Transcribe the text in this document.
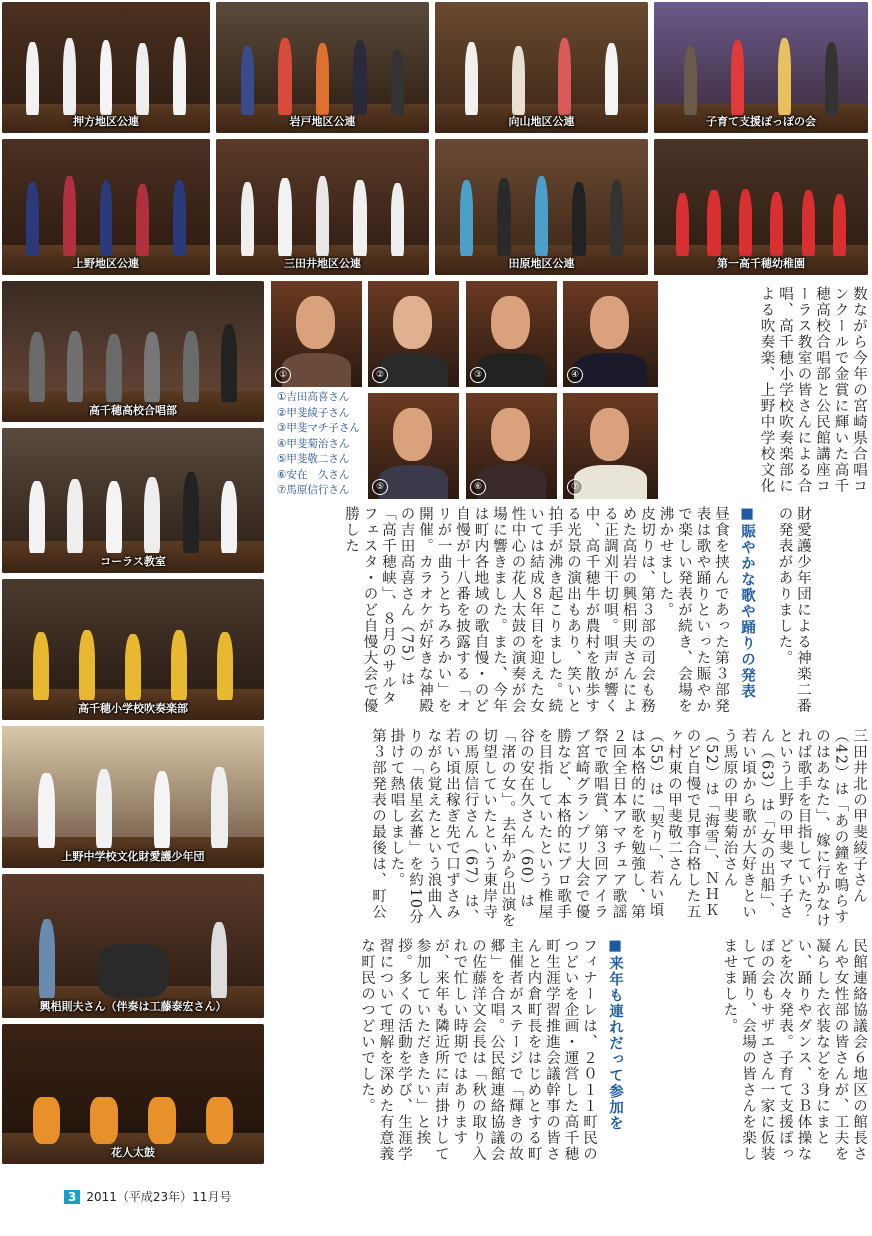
押方地区公連	岩戸地区公連	向山地区公連	子育て支援ぽっぽの会
上野地区公連	三田井地区公連	田原地区公連	第一高千穂幼稚園
高千穂高校合唱部
コーラス教室
高千穂小学校吹奏楽部
上野中学校文化財愛護少年団
興梠則夫さん（伴奏は工藤泰宏さん）
花人太鼓
①	②	③	④
⑤	⑥	⑦
①吉田高喜さん
②甲斐綾子さん
③甲斐マチ子さん
④甲斐菊治さん
⑤甲斐敬二さん
⑥安在　久さん
⑦馬原信行さん	数ながら今年の宮崎県合唱コンクールで金賞に輝いた高千穂高校合唱部と公民館講座コーラス教室の皆さんによる合唱、高千穂小学校吹奏楽部による吹奏楽、上野中学校文化
財愛護少年団による神楽二番の発表がありました。
■賑やかな歌や踊りの発表
昼食を挟んであった第３部発表は歌や踊りといった賑やかで楽しい発表が続き、会場を沸かせました。
皮切りは、第３部の司会も務めた高岩の興梠則夫さんによる正調刈干切唄。唄声が響く中、高千穂牛が農村を散歩する光景の演出もあり、笑いと拍手が沸き起こりました。続いては結成８年目を迎えた女性中心の花人太鼓の演奏が会場に響きました。また、今年は町内各地域の歌自慢・のど自慢が十八番を披露する「オリが一曲うとちみろかい」を開催。カラオケが好きな神殿の吉田高喜さん（75）は「高千穂峡」、８月のサルタフェスタ・のど自慢大会で優勝した
三田井北の甲斐綾子さん（42）は「あの鐘を鳴らすのはあなた」、嫁に行かなければ歌手を目指していた？という上野の甲斐マチ子さん（63）は「女の出船」、若い頃から歌が大好きという馬原の甲斐菊治さん（52）は「海雪」、ＮＨＫのど自慢で見事合格した五ヶ村東の甲斐敬二さん（55）は「契り」、若い頃は本格的に歌を勉強し、第２回全日本アマチュア歌謡祭で歌唱賞、第３回アイラブ宮崎グランプリ大会で優勝など、本格的にプロ歌手を目指していたという椎屋谷の安在久さん（60）は「渚の女」。去年から出演を切望していたという東岸寺の馬原信行さん（67）は、若い頃出稼ぎ先で口ずさみながら覚えたという浪曲入りの「俵星玄蕃」を約10分掛けて熱唱しました。
第３部発表の最後は、町公
民館連絡協議会６地区の館長さんや女性部の皆さんが、工夫を凝らした衣装などを身にまとい、踊りやダンス、３Ｂ体操などを次々発表。子育て支援ぽっぽの会もサザエさん一家に仮装して踊り、会場の皆さんを楽しませました。
■来年も連れだって参加を
フィナーレは、２０１１町民のつどいを企画・運営した高千穂町生涯学習推進会議幹事の皆さんと内倉町長をはじめとする町主催者がステージで「輝きの故郷」を合唱。公民館連絡協議会の佐藤洋文会長は「秋の取り入れで忙しい時期ではありますが、来年も隣近所に声掛けして参加していただきたい」と挨拶。多くの活動を学び、生涯学習について理解を深めた有意義な町民のつどいでした。
3 2011（平成23年）11月号
